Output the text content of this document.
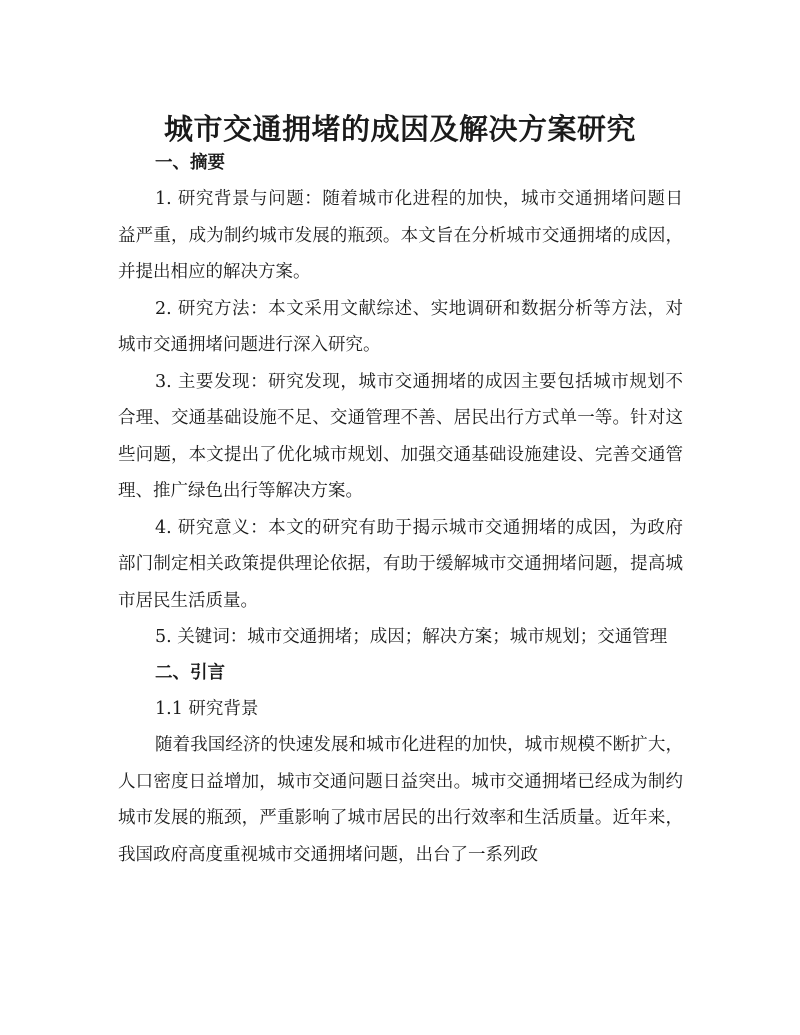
城市交通拥堵的成因及解决方案研究
一、摘要

1. 研究背景与问题：随着城市化进程的加快，城市交通拥堵问题日益严重，成为制约城市发展的瓶颈。本文旨在分析城市交通拥堵的成因，并提出相应的解决方案。

2. 研究方法：本文采用文献综述、实地调研和数据分析等方法，对城市交通拥堵问题进行深入研究。

3. 主要发现：研究发现，城市交通拥堵的成因主要包括城市规划不合理、交通基础设施不足、交通管理不善、居民出行方式单一等。针对这些问题，本文提出了优化城市规划、加强交通基础设施建设、完善交通管理、推广绿色出行等解决方案。

4. 研究意义：本文的研究有助于揭示城市交通拥堵的成因，为政府部门制定相关政策提供理论依据，有助于缓解城市交通拥堵问题，提高城市居民生活质量。

5. 关键词：城市交通拥堵；成因；解决方案；城市规划；交通管理

二、引言

1.1 研究背景

随着我国经济的快速发展和城市化进程的加快，城市规模不断扩大，人口密度日益增加，城市交通问题日益突出。城市交通拥堵已经成为制约城市发展的瓶颈，严重影响了城市居民的出行效率和生活质量。近年来，我国政府高度重视城市交通拥堵问题，出台了一系列政
